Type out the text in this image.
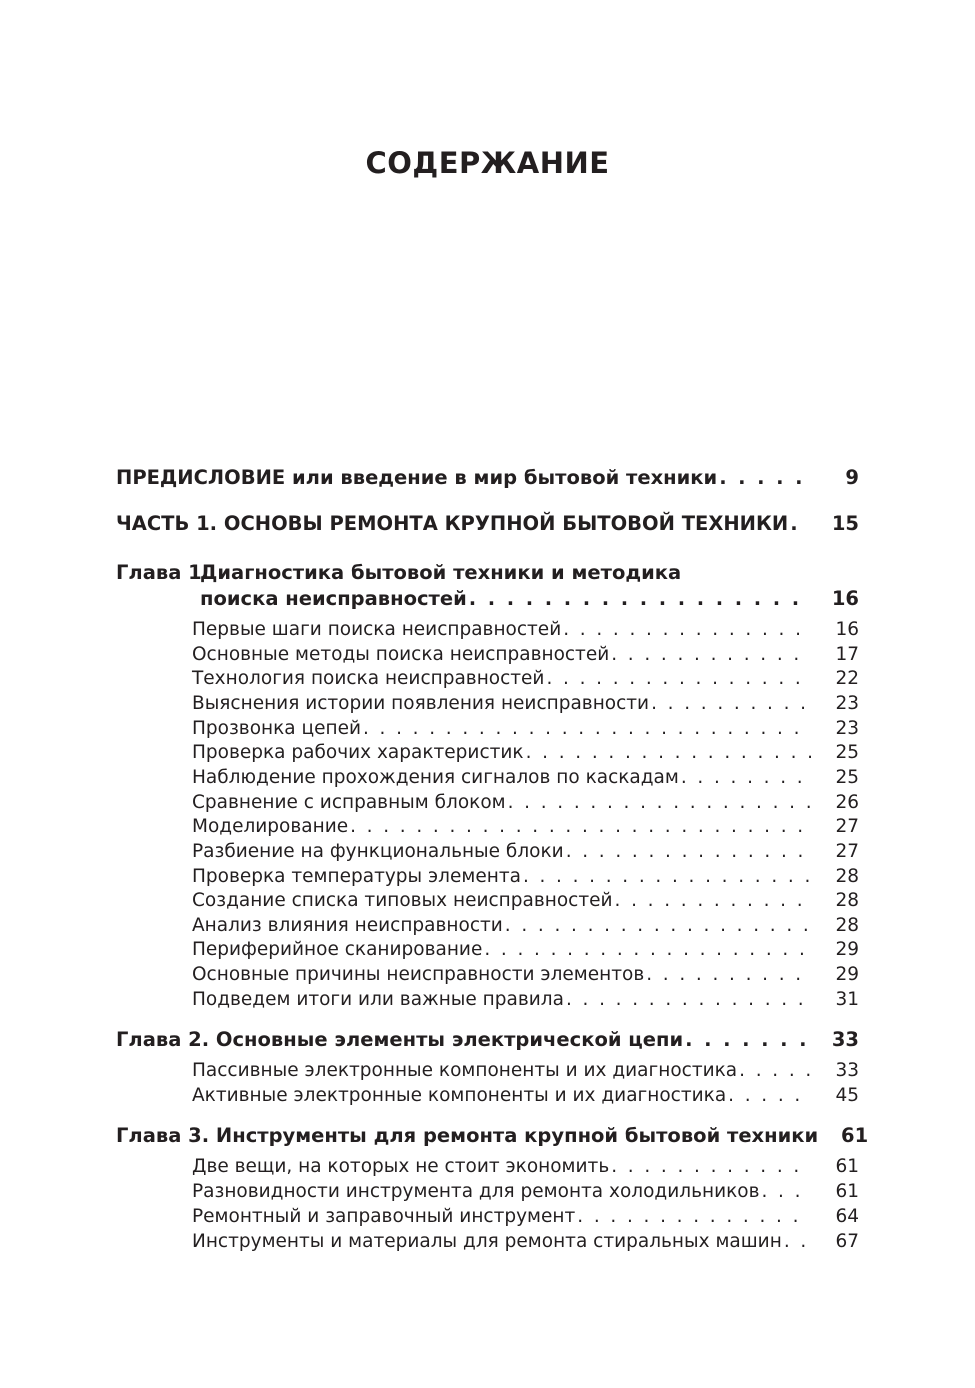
СОДЕРЖАНИЕ
ПРЕДИСЛОВИЕ или введение в мир бытовой техники . . .	9
ЧАСТЬ 1. ОСНОВЫ РЕМОНТА КРУПНОЙ БЫТОВОЙ ТЕХНИКИ . . .	15
Глава 1.Диагностика бытовой техники и методика
поиска неисправностей . . .	16
Первые шаги поиска неисправностей . . .	16
Основные методы поиска неисправностей . . .	17
Технология поиска неисправностей . . .	22
Выяснения истории появления неисправности . . .	23
Прозвонка цепей . . .	23
Проверка рабочих характеристик . . .	25
Наблюдение прохождения сигналов по каскадам . . .	25
Сравнение с исправным блоком . . .	26
Моделирование . . .	27
Разбиение на функциональные блоки . . .	27
Проверка температуры элемента . . .	28
Создание списка типовых неисправностей . . .	28
Анализ влияния неисправности . . .	28
Периферийное сканирование . . .	29
Основные причины неисправности элементов . . .	29
Подведем итоги или важные правила . . .	31
Глава 2. Основные элементы электрической цепи . . .	33
Пассивные электронные компоненты и их диагностика . . .	33
Активные электронные компоненты и их диагностика . . .	45
Глава 3. Инструменты для ремонта крупной бытовой техники	61
Две вещи, на которых не стоит экономить . . .	61
Разновидности инструмента для ремонта холодильников . . .	61
Ремонтный и заправочный инструмент . . .	64
Инструменты и материалы для ремонта стиральных машин . . .	67
